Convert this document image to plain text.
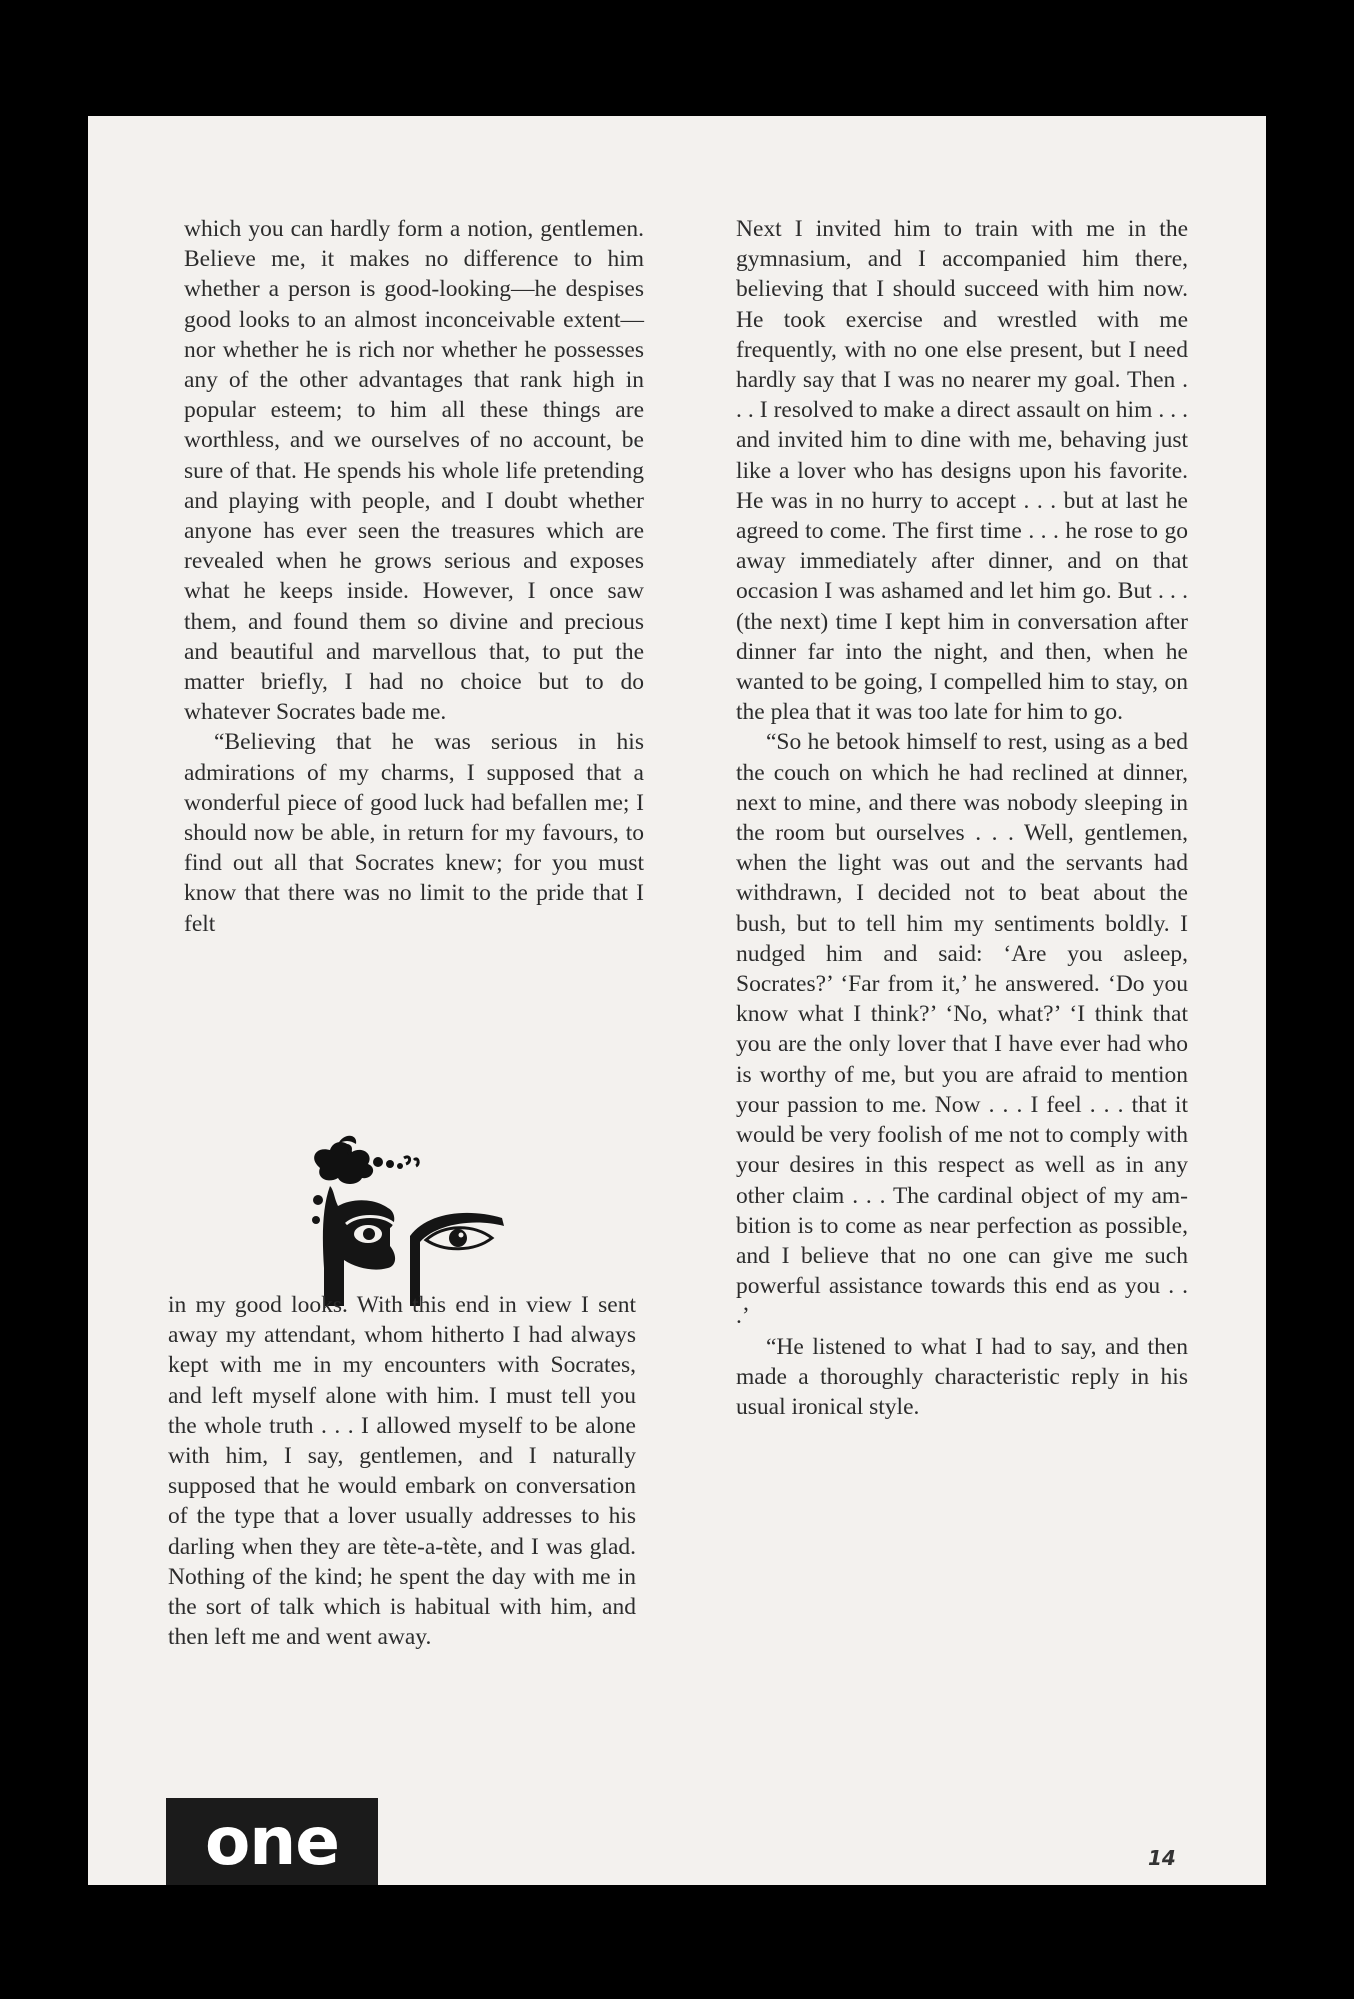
which you can hardly form a notion, gentlemen. Believe me, it makes no difference to him whether a person is good-looking—he despises good looks to an almost inconceivable extent—nor whether he is rich nor whether he possesses any of the other advantages that rank high in popular esteem; to him all these things are worthless, and we ourselves of no account, be sure of that. He spends his whole life pretending and playing with people, and I doubt whether anyone has ever seen the treasures which are revealed when he grows serious and exposes what he keeps inside. However, I once saw them, and found them so divine and precious and beautiful and marvellous that, to put the matter briefly, I had no choice but to do whatever Socrates bade me.

“Believing that he was serious in his admirations of my charms, I supposed that a wonderful piece of good luck had befallen me; I should now be able, in return for my favours, to find out all that Socrates knew; for you must know that there was no limit to the pride that I felt

in my good looks. With this end in view I sent away my attendant, whom hitherto I had always kept with me in my encounters with Socrates, and left myself alone with him. I must tell you the whole truth . . . I allowed myself to be alone with him, I say, gentlemen, and I naturally supposed that he would embark on conversation of the type that a lover usually addresses to his darling when they are tète-a-tète, and I was glad. Nothing of the kind; he spent the day with me in the sort of talk which is habitual with him, and then left me and went away.

Next I invited him to train with me in the gymnasium, and I accompanied him there, believing that I should succeed with him now. He took exercise and wrestled with me frequently, with no one else present, but I need hardly say that I was no nearer my goal. Then . . . I resolved to make a direct assault on him . . . and invited him to dine with me, behaving just like a lover who has designs upon his favorite. He was in no hurry to accept . . . but at last he agreed to come. The first time . . . he rose to go away immediately after dinner, and on that occasion I was ashamed and let him go. But . . . (the next) time I kept him in conversation after dinner far into the night, and then, when he wanted to be going, I compelled him to stay, on the plea that it was too late for him to go.

“So he betook himself to rest, using as a bed the couch on which he had reclined at dinner, next to mine, and there was nobody sleeping in the room but ourselves . . . Well, gentlemen, when the light was out and the servants had withdrawn, I decided not to beat about the bush, but to tell him my sentiments boldly. I nudged him and said: ‘Are you asleep, Socrates?’ ‘Far from it,’ he answered. ‘Do you know what I think?’ ‘No, what?’ ‘I think that you are the only lover that I have ever had who is worthy of me, but you are afraid to mention your passion to me. Now . . . I feel . . . that it would be very foolish of me not to comply with your desires in this respect as well as in any other claim . . . The cardinal object of my ambition is to come as near perfection as possible, and I believe that no one can give me such powerful assistance towards this end as you . . .’

“He listened to what I had to say, and then made a thoroughly characteristic reply in his usual ironical style.

one	14
